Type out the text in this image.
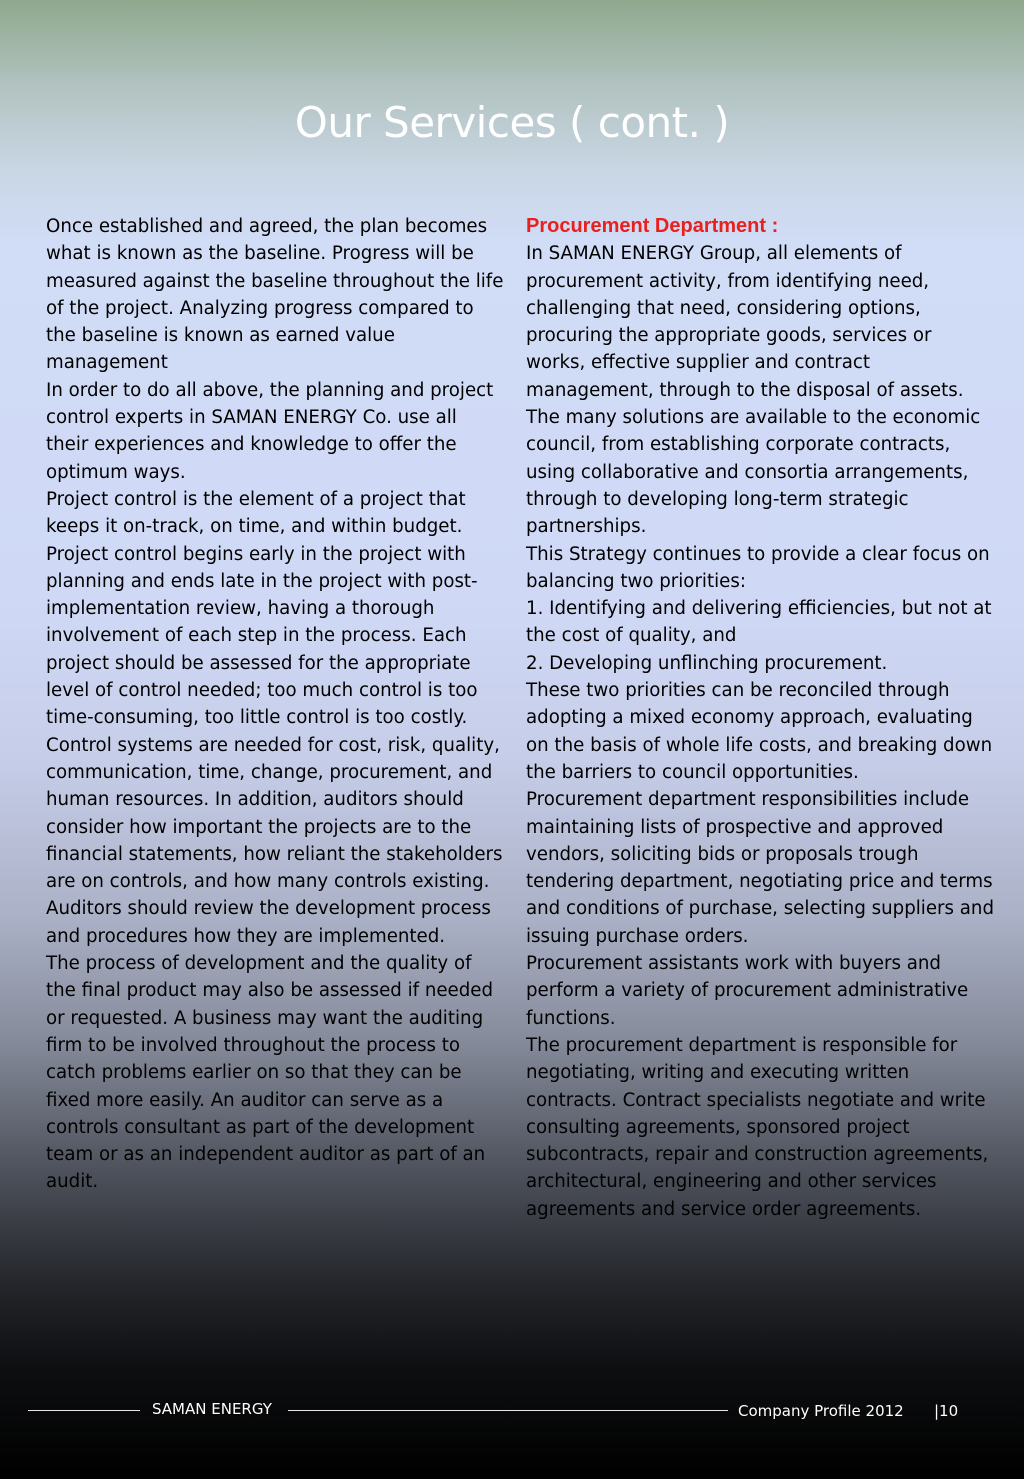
Our Services ( cont. )

Once established and agreed, the plan becomes what is known as the baseline. Progress will be measured against the baseline throughout the life of the project. Analyzing progress compared to the baseline is known as earned value management

In order to do all above, the planning and project control experts in SAMAN ENERGY Co. use all their experiences and knowledge to offer the optimum ways.

Project control is the element of a project that keeps it on-track, on time, and within budget. Project control begins early in the project with planning and ends late in the project with post-implementation review, having a thorough involvement of each step in the process. Each project should be assessed for the appropriate level of control needed; too much control is too time-consuming, too little control is too costly. Control systems are needed for cost, risk, quality, communication, time, change, procurement, and human resources. In addition, auditors should consider how important the projects are to the financial statements, how reliant the stakeholders are on controls, and how many controls existing. Auditors should review the development process and procedures how they are implemented.

The process of development and the quality of the final product may also be assessed if needed or requested. A business may want the auditing firm to be involved throughout the process to catch problems earlier on so that they can be fixed more easily. An auditor can serve as a controls consultant as part of the development team or as an independent auditor as part of an audit.

Procurement Department :

In SAMAN ENERGY Group, all elements of procurement activity, from identifying need, challenging that need, considering options, procuring the appropriate goods, services or works, effective supplier and contract management, through to the disposal of assets. The many solutions are available to the economic council, from establishing corporate contracts, using collaborative and consortia arrangements, through to developing long-term strategic partnerships.

This Strategy continues to provide a clear focus on balancing two priorities:

1. Identifying and delivering efficiencies, but not at the cost of quality, and

2. Developing unflinching procurement.

These two priorities can be reconciled through adopting a mixed economy approach, evaluating on the basis of whole life costs, and breaking down the barriers to council opportunities.

Procurement department responsibilities include maintaining lists of prospective and approved vendors, soliciting bids or proposals trough tendering department, negotiating price and terms and conditions of purchase, selecting suppliers and issuing purchase orders.

Procurement assistants work with buyers and perform a variety of procurement administrative functions.

The procurement department is responsible for negotiating, writing and executing written contracts. Contract specialists negotiate and write consulting agreements, sponsored project subcontracts, repair and construction agreements, architectural, engineering and other services agreements and service order agreements.

SAMAN ENERGY	Company Profile 2012 |10
